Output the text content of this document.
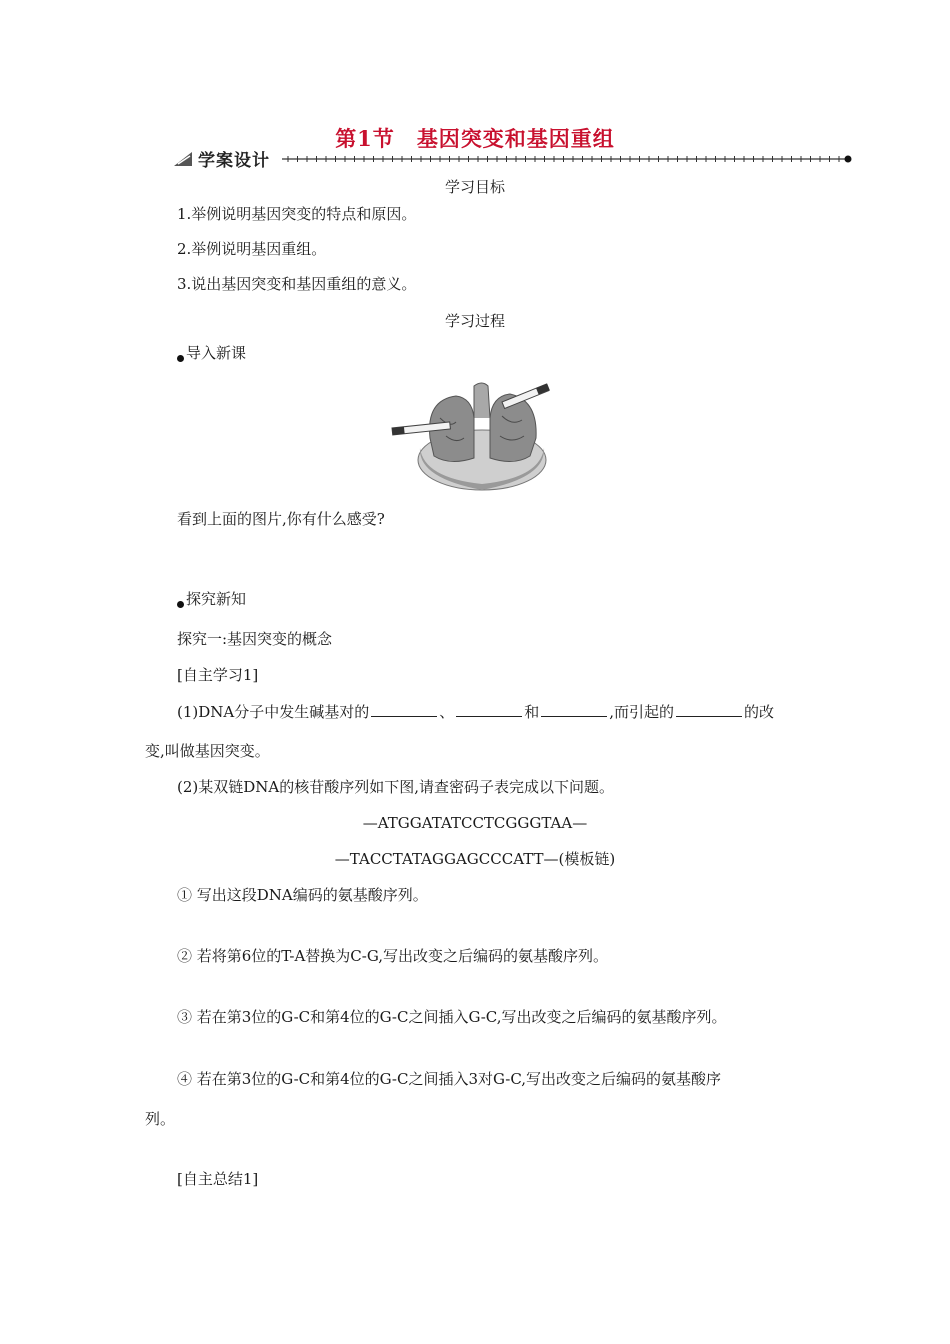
第1节 基因突变和基因重组
学案设计
学习目标
1.举例说明基因突变的特点和原因。
2.举例说明基因重组。
3.说出基因突变和基因重组的意义。
学习过程
导入新课
看到上面的图片,你有什么感受?
探究新知
探究一:基因突变的概念
[自主学习1]
(1)DNA分子中发生碱基对的	、	和	,而引起的	的改
变,叫做基因突变。
(2)某双链DNA的核苷酸序列如下图,请查密码子表完成以下问题。
—ATGGATATCCTCGGGTAA—
—TACCTATAGGAGCCCATT—(模板链)
① 写出这段DNA编码的氨基酸序列。
② 若将第6位的T-A替换为C-G,写出改变之后编码的氨基酸序列。
③ 若在第3位的G-C和第4位的G-C之间插入G-C,写出改变之后编码的氨基酸序列。
④ 若在第3位的G-C和第4位的G-C之间插入3对G-C,写出改变之后编码的氨基酸序
列。
[自主总结1]
